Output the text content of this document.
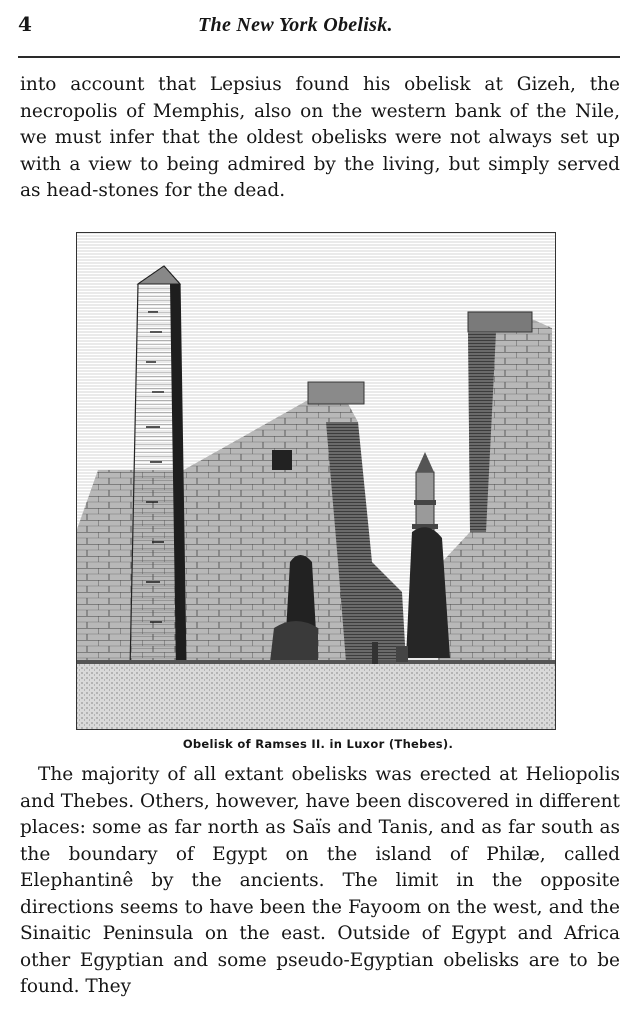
4	The New York Obelisk.

into account that Lepsius found his obelisk at Gizeh, the necropolis of Memphis, also on the western bank of the Nile, we must infer that the oldest obelisks were not always set up with a view to being admired by the living, but simply served as head-stones for the dead.

Obelisk of Ramses II. in Luxor (Thebes).

The majority of all extant obelisks was erected at Heliopolis and Thebes. Others, however, have been discovered in different places: some as far north as Saïs and Tanis, and as far south as the boundary of Egypt on the island of Philæ, called Elephantinê by the ancients. The limit in the opposite directions seems to have been the Fayoom on the west, and the Sinaitic Peninsula on the east. Outside of Egypt and Africa other Egyptian and some pseudo-Egyptian obelisks are to be found. They
